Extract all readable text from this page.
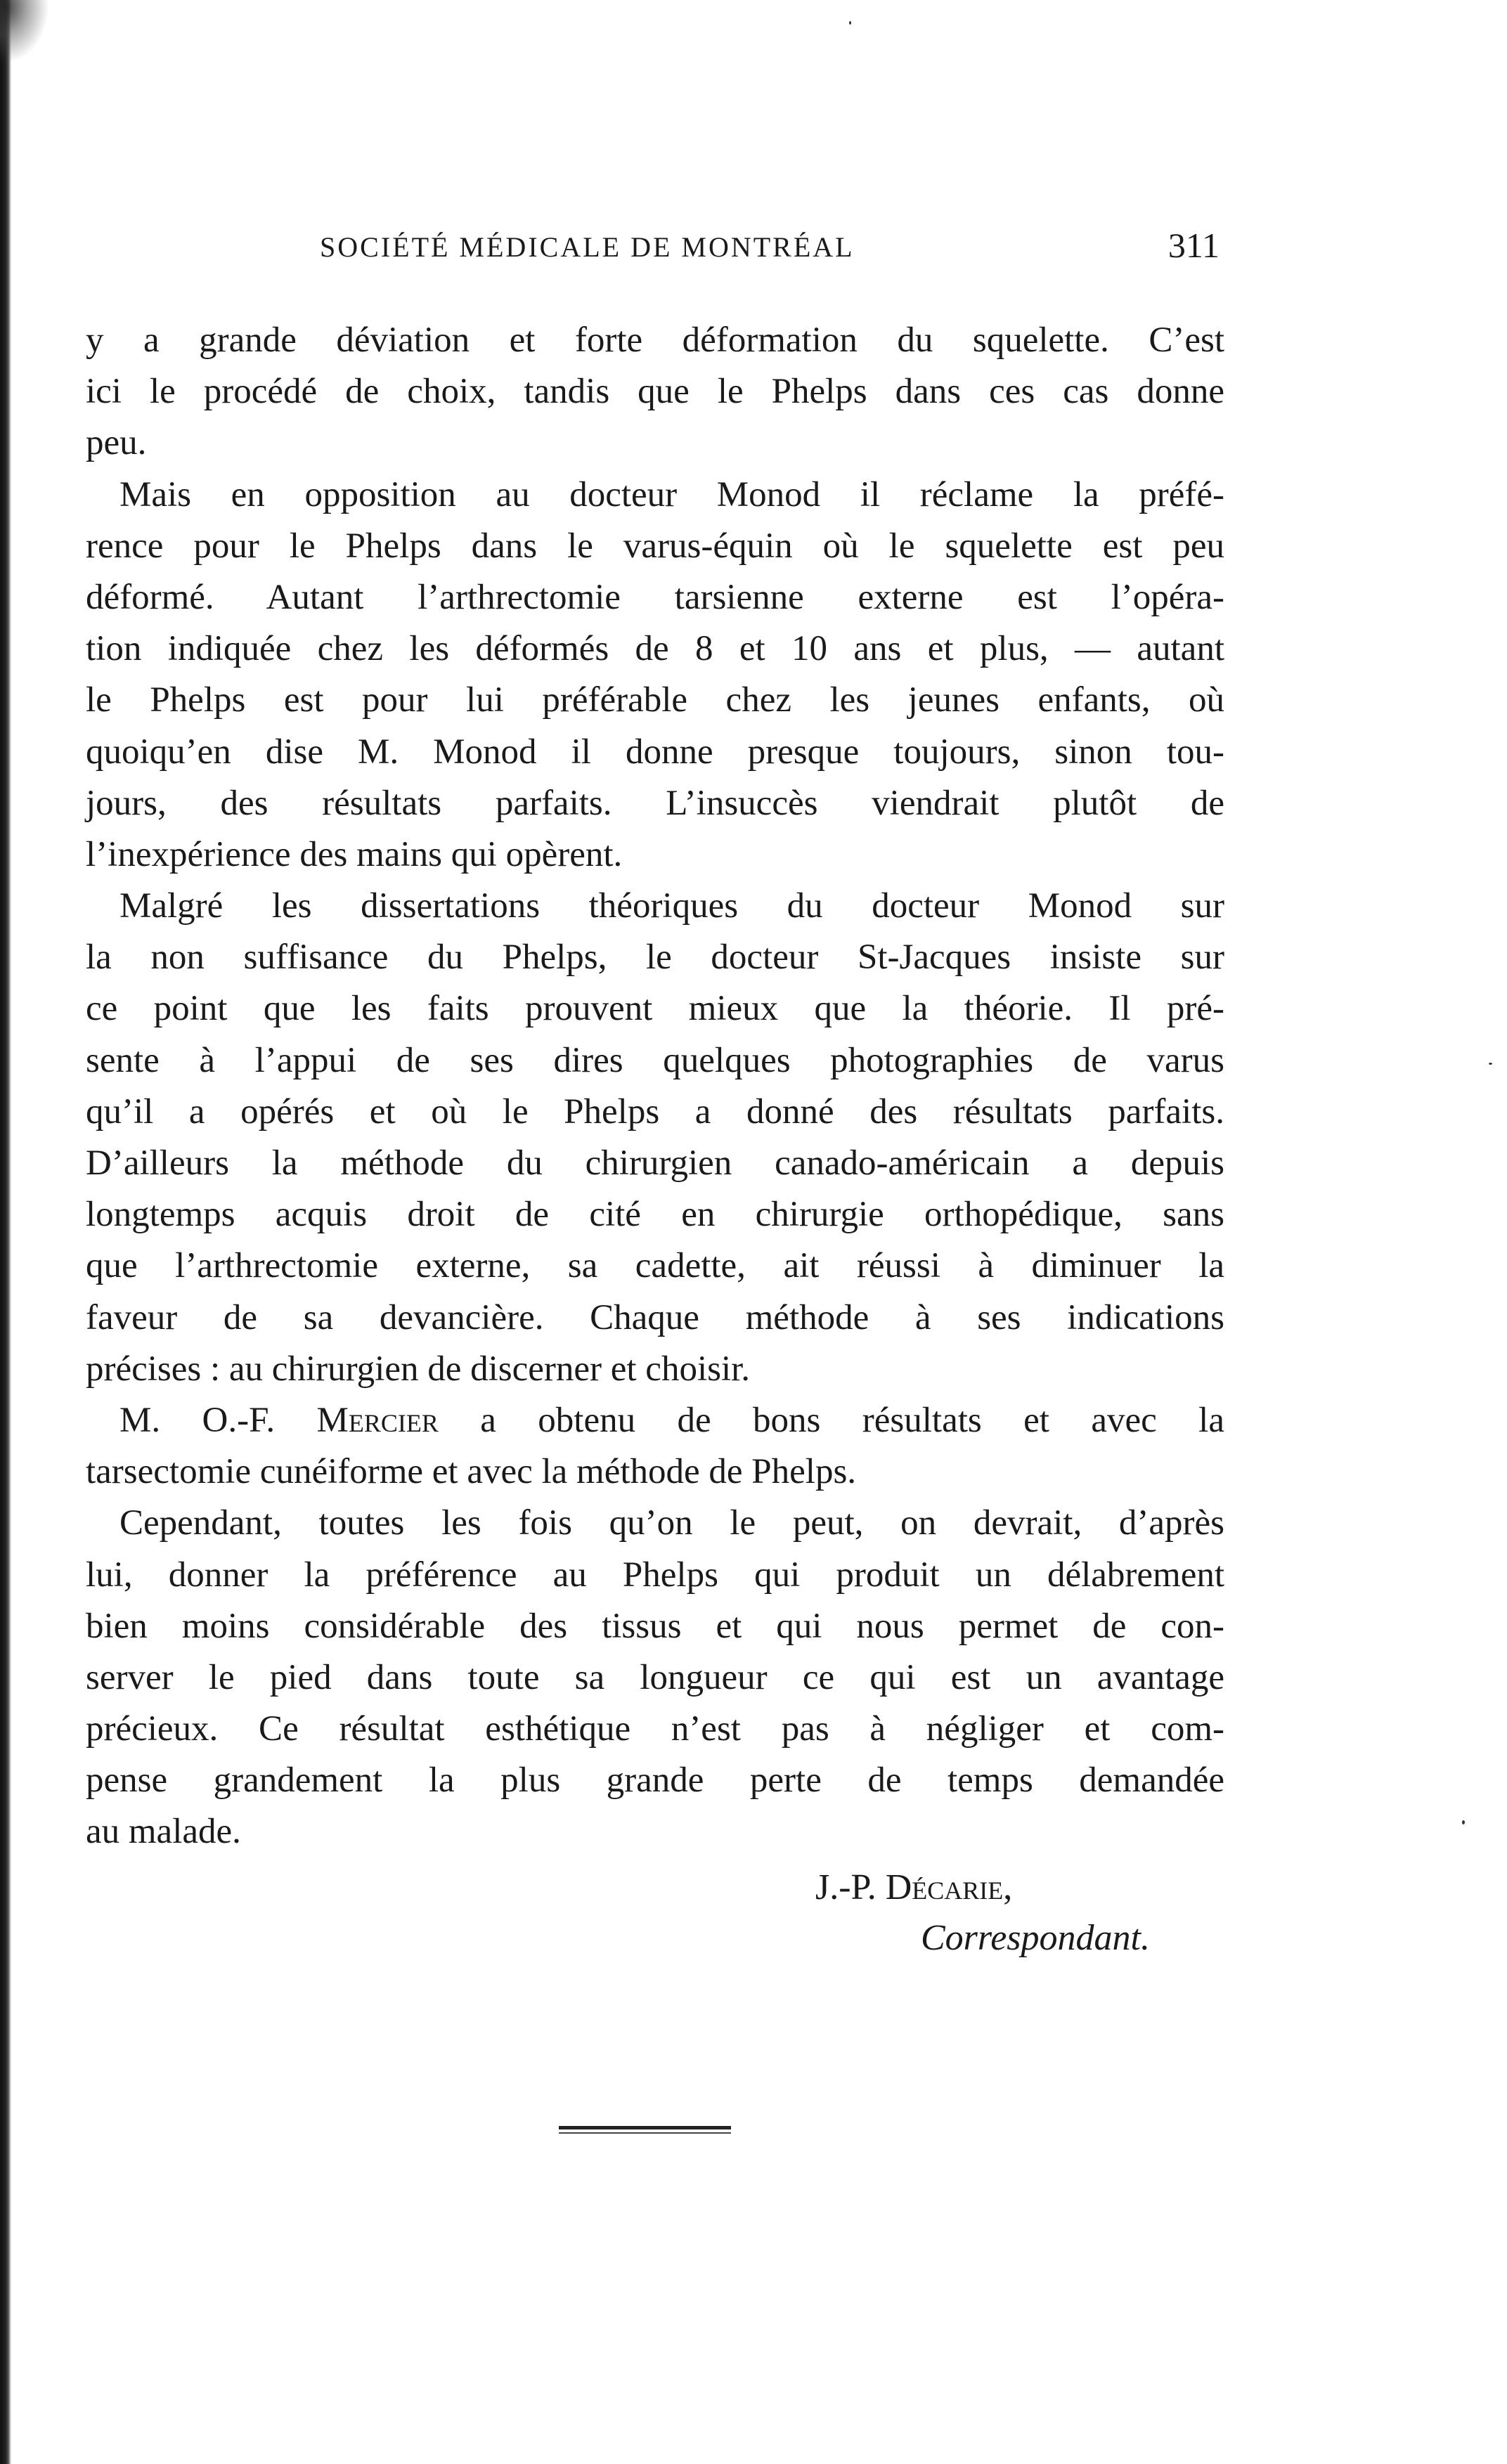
SOCIÉTÉ MÉDICALE DE MONTRÉAL	311
y a grande déviation et forte déformation du squelette. C’est
ici le procédé de choix, tandis que le Phelps dans ces cas donne
peu.
Mais en opposition au docteur Monod il réclame la préfé-
rence pour le Phelps dans le varus-équin où le squelette est peu
déformé. Autant l’arthrectomie tarsienne externe est l’opéra-
tion indiquée chez les déformés de 8 et 10 ans et plus, — autant
le Phelps est pour lui préférable chez les jeunes enfants, où
quoiqu’en dise M. Monod il donne presque toujours, sinon tou-
jours, des résultats parfaits. L’insuccès viendrait plutôt de
l’inexpérience des mains qui opèrent.
Malgré les dissertations théoriques du docteur Monod sur
la non suffisance du Phelps, le docteur St-Jacques insiste sur
ce point que les faits prouvent mieux que la théorie. Il pré-
sente à l’appui de ses dires quelques photographies de varus
qu’il a opérés et où le Phelps a donné des résultats parfaits.
D’ailleurs la méthode du chirurgien canado-américain a depuis
longtemps acquis droit de cité en chirurgie orthopédique, sans
que l’arthrectomie externe, sa cadette, ait réussi à diminuer la
faveur de sa devancière. Chaque méthode à ses indications
précises : au chirurgien de discerner et choisir.
M. O.-F. Mercier a obtenu de bons résultats et avec la
tarsectomie cunéiforme et avec la méthode de Phelps.
Cependant, toutes les fois qu’on le peut, on devrait, d’après
lui, donner la préférence au Phelps qui produit un délabrement
bien moins considérable des tissus et qui nous permet de con-
server le pied dans toute sa longueur ce qui est un avantage
précieux. Ce résultat esthétique n’est pas à négliger et com-
pense grandement la plus grande perte de temps demandée
au malade.
J.-P. Décarie,
Correspondant.
